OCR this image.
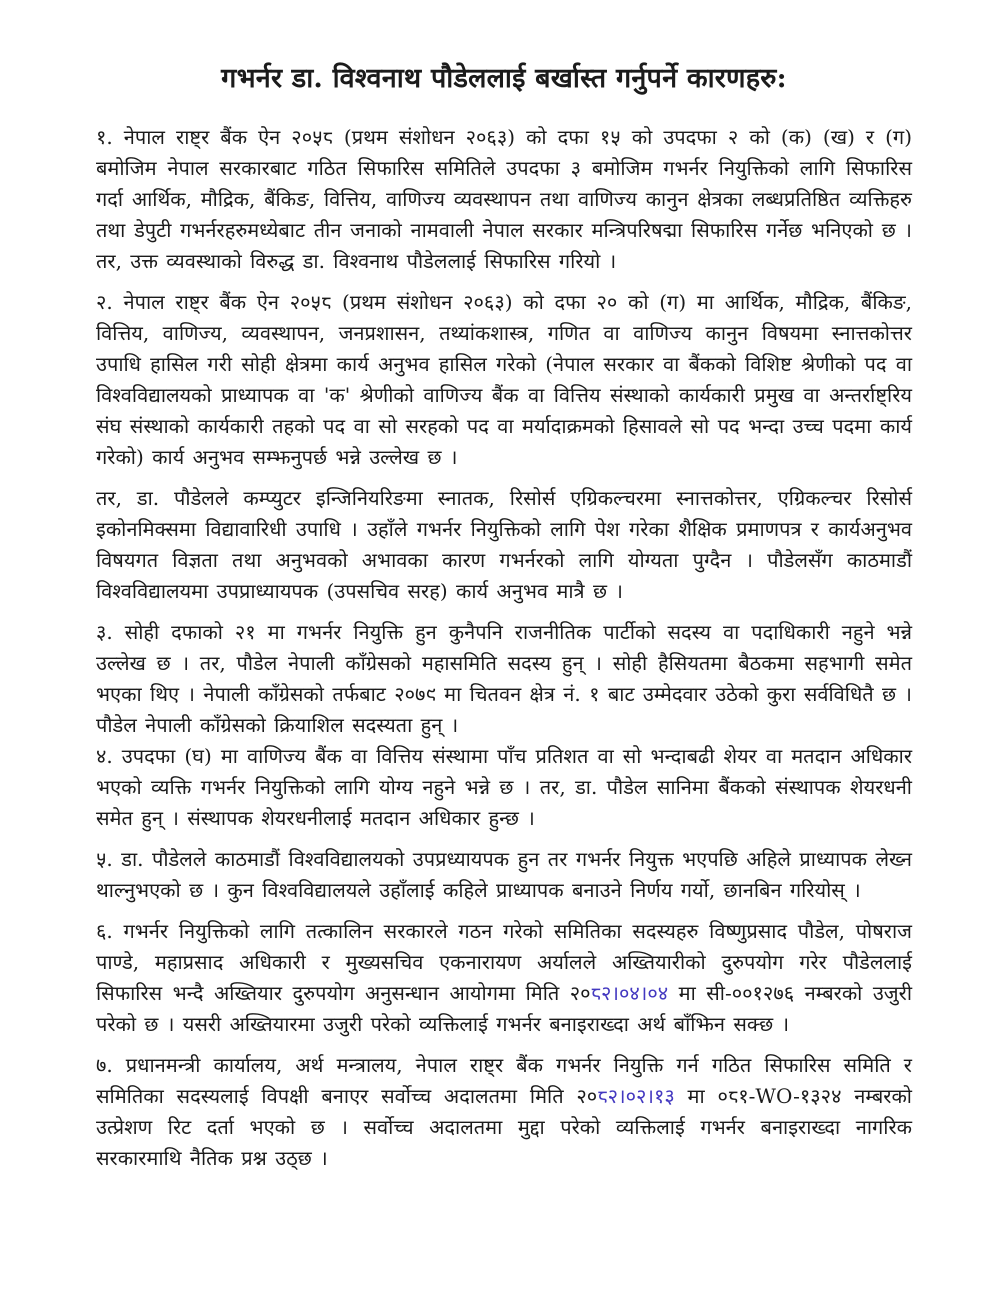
गभर्नर डा. विश्वनाथ पौडेललाई बर्खास्त गर्नुपर्ने कारणहरु:

१. नेपाल राष्ट्र बैंक ऐन २०५८ (प्रथम संशोधन २०६३) को दफा १५ को उपदफा २ को (क) (ख) र (ग) बमोजिम नेपाल सरकारबाट गठित सिफारिस समितिले उपदफा ३ बमोजिम गभर्नर नियुक्तिको लागि सिफारिस गर्दा आर्थिक, मौद्रिक, बैंकिङ, वित्तिय, वाणिज्य व्यवस्थापन तथा वाणिज्य कानुन क्षेत्रका लब्धप्रतिष्ठित व्यक्तिहरु तथा डेपुटी गभर्नरहरुमध्येबाट तीन जनाको नामवाली नेपाल सरकार मन्त्रिपरिषद्मा सिफारिस गर्नेछ भनिएको छ । तर, उक्त व्यवस्थाको विरुद्ध डा. विश्वनाथ पौडेललाई सिफारिस गरियो ।

२. नेपाल राष्ट्र बैंक ऐन २०५८ (प्रथम संशोधन २०६३) को दफा २० को (ग) मा आर्थिक, मौद्रिक, बैंकिङ, वित्तिय, वाणिज्य, व्यवस्थापन, जनप्रशासन, तथ्यांकशास्त्र, गणित वा वाणिज्य कानुन विषयमा स्नात्तकोत्तर उपाधि हासिल गरी सोही क्षेत्रमा कार्य अनुभव हासिल गरेको (नेपाल सरकार वा बैंकको विशिष्ट श्रेणीको पद वा विश्वविद्यालयको प्राध्यापक वा 'क' श्रेणीको वाणिज्य बैंक वा वित्तिय संस्थाको कार्यकारी प्रमुख वा अन्तर्राष्ट्रिय संघ संस्थाको कार्यकारी तहको पद वा सो सरहको पद वा मर्यादाक्रमको हिसावले सो पद भन्दा उच्च पदमा कार्य गरेको) कार्य अनुभव सम्झनुपर्छ भन्ने उल्लेख छ ।

तर, डा. पौडेलले कम्प्युटर इन्जिनियरिङमा स्नातक, रिसोर्स एग्रिकल्चरमा स्नात्तकोत्तर, एग्रिकल्चर रिसोर्स इकोनमिक्समा विद्यावारिधी उपाधि । उहाँले गभर्नर नियुक्तिको लागि पेश गरेका शैक्षिक प्रमाणपत्र र कार्यअनुभव विषयगत विज्ञता तथा अनुभवको अभावका कारण गभर्नरको लागि योग्यता पुग्दैन । पौडेलसँग काठमाडौं विश्वविद्यालयमा उपप्राध्यायपक (उपसचिव सरह) कार्य अनुभव मात्रै छ ।

३. सोही दफाको २१ मा गभर्नर नियुक्ति हुन कुनैपनि राजनीतिक पार्टीको सदस्य वा पदाधिकारी नहुने भन्ने उल्लेख छ । तर, पौडेल नेपाली काँग्रेसको महासमिति सदस्य हुन् । सोही हैसियतमा बैठकमा सहभागी समेत भएका थिए । नेपाली काँग्रेसको तर्फबाट २०७९ मा चितवन क्षेत्र नं. १ बाट उम्मेदवार उठेको कुरा सर्वविधितै छ । पौडेल नेपाली काँग्रेसको क्रियाशिल सदस्यता हुन् ।

४. उपदफा (घ) मा वाणिज्य बैंक वा वित्तिय संस्थामा पाँच प्रतिशत वा सो भन्दाबढी शेयर वा मतदान अधिकार भएको व्यक्ति गभर्नर नियुक्तिको लागि योग्य नहुने भन्ने छ । तर, डा. पौडेल सानिमा बैंकको संस्थापक शेयरधनी समेत हुन् । संस्थापक शेयरधनीलाई मतदान अधिकार हुन्छ ।

५. डा. पौडेलले काठमाडौं विश्वविद्यालयको उपप्रध्यायपक हुन तर गभर्नर नियुक्त भएपछि अहिले प्राध्यापक लेख्न थाल्नुभएको छ । कुन विश्वविद्यालयले उहाँलाई कहिले प्राध्यापक बनाउने निर्णय गर्यो, छानबिन गरियोस् ।

६. गभर्नर नियुक्तिको लागि तत्कालिन सरकारले गठन गरेको समितिका सदस्यहरु विष्णुप्रसाद पौडेल, पोषराज पाण्डे, महाप्रसाद अधिकारी र मुख्यसचिव एकनारायण अर्यालले अख्तियारीको दुरुपयोग गरेर पौडेललाई सिफारिस भन्दै अख्तियार दुरुपयोग अनुसन्धान आयोगमा मिति २०८२।०४।०४ मा सी-००१२७६ नम्बरको उजुरी परेको छ । यसरी अख्तियारमा उजुरी परेको व्यक्तिलाई गभर्नर बनाइराख्दा अर्थ बाँझिन सक्छ ।

७. प्रधानमन्त्री कार्यालय, अर्थ मन्त्रालय, नेपाल राष्ट्र बैंक गभर्नर नियुक्ति गर्न गठित सिफारिस समिति र समितिका सदस्यलाई विपक्षी बनाएर सर्वोच्च अदालतमा मिति २०८२।०२।१३ मा ०८१-WO-१३२४ नम्बरको उत्प्रेशण रिट दर्ता भएको छ । सर्वोच्च अदालतमा मुद्दा परेको व्यक्तिलाई गभर्नर बनाइराख्दा नागरिक सरकारमाथि नैतिक प्रश्न उठ्छ ।
